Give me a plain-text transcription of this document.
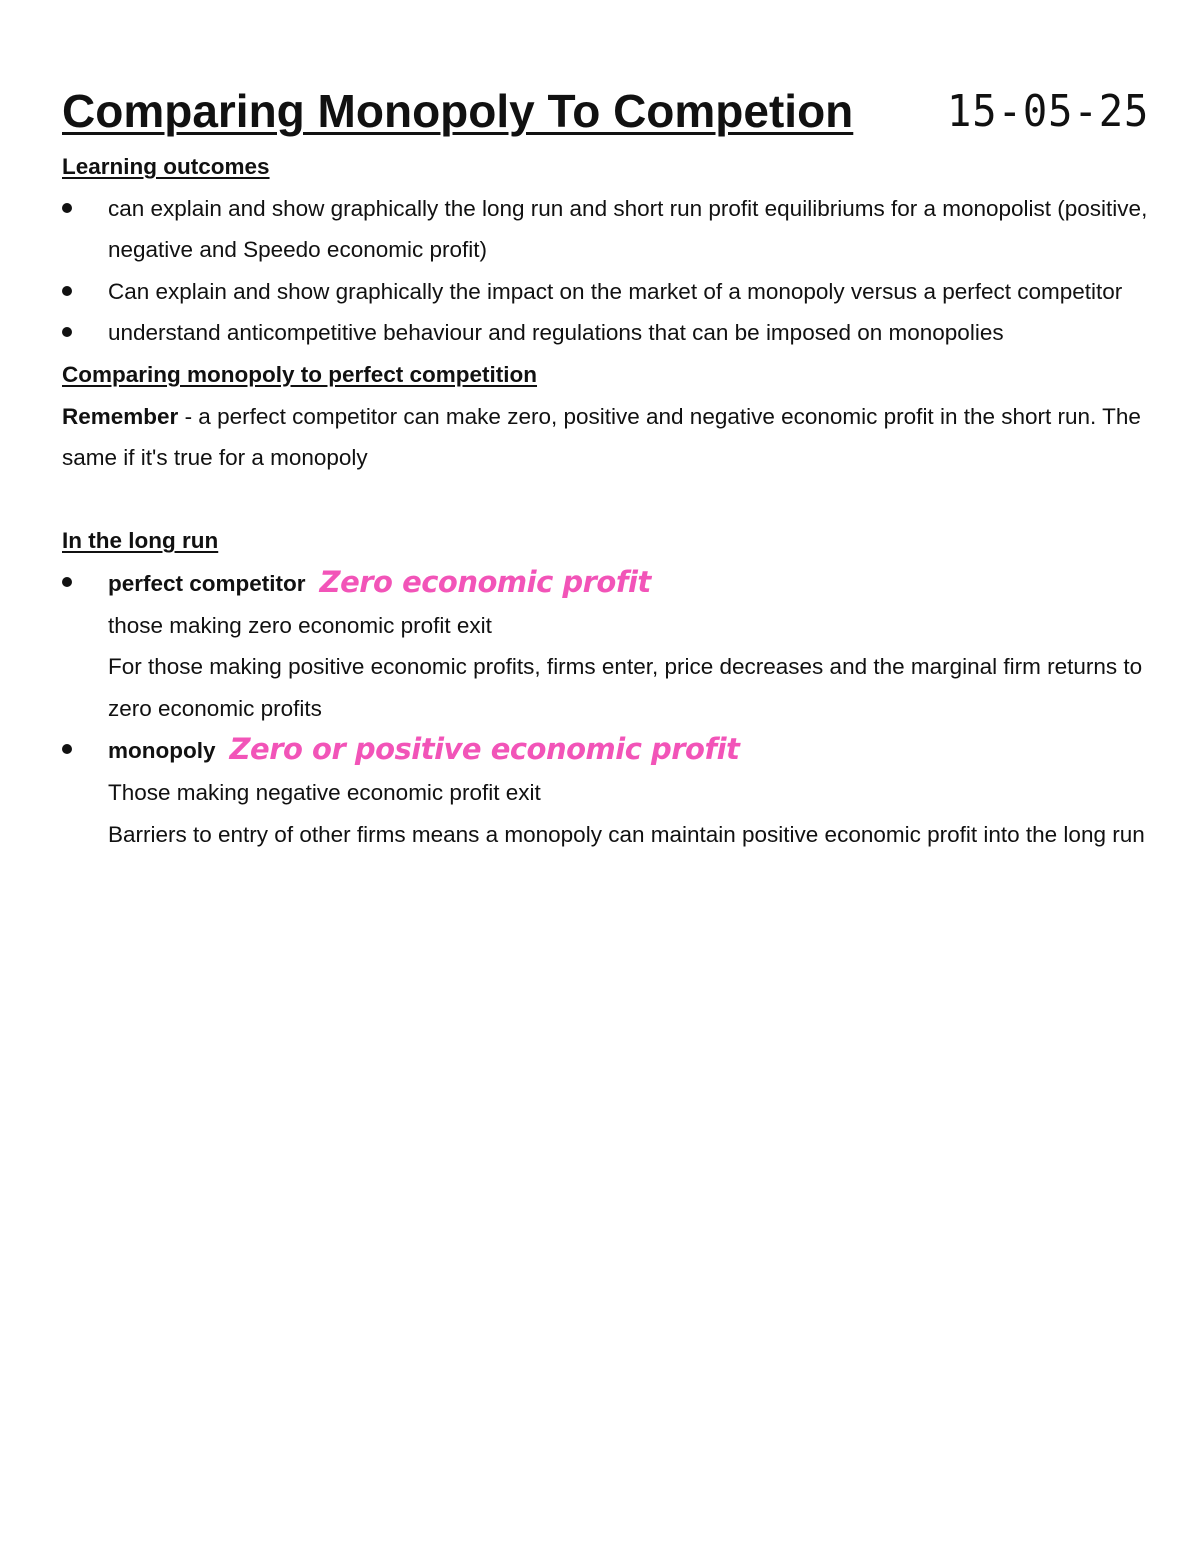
Comparing Monopoly To Competion 15-05-25

Learning outcomes

can explain and show graphically the long run and short run profit equilibriums for a monopolist (positive, negative and Speedo economic profit)
Can explain and show graphically the impact on the market of a monopoly versus a perfect competitor
understand anticompetitive behaviour and regulations that can be imposed on monopolies

Comparing monopoly to perfect competition

Remember - a perfect competitor can make zero, positive and negative economic profit in the short run. The same if it's true for a monopoly

In the long run

perfect competitor Zero economic profit
those making zero economic profit exit
For those making positive economic profits, firms enter, price decreases and the marginal firm returns to zero economic profits
monopoly Zero or positive economic profit
Those making negative economic profit exit
Barriers to entry of other firms means a monopoly can maintain positive economic profit into the long run
